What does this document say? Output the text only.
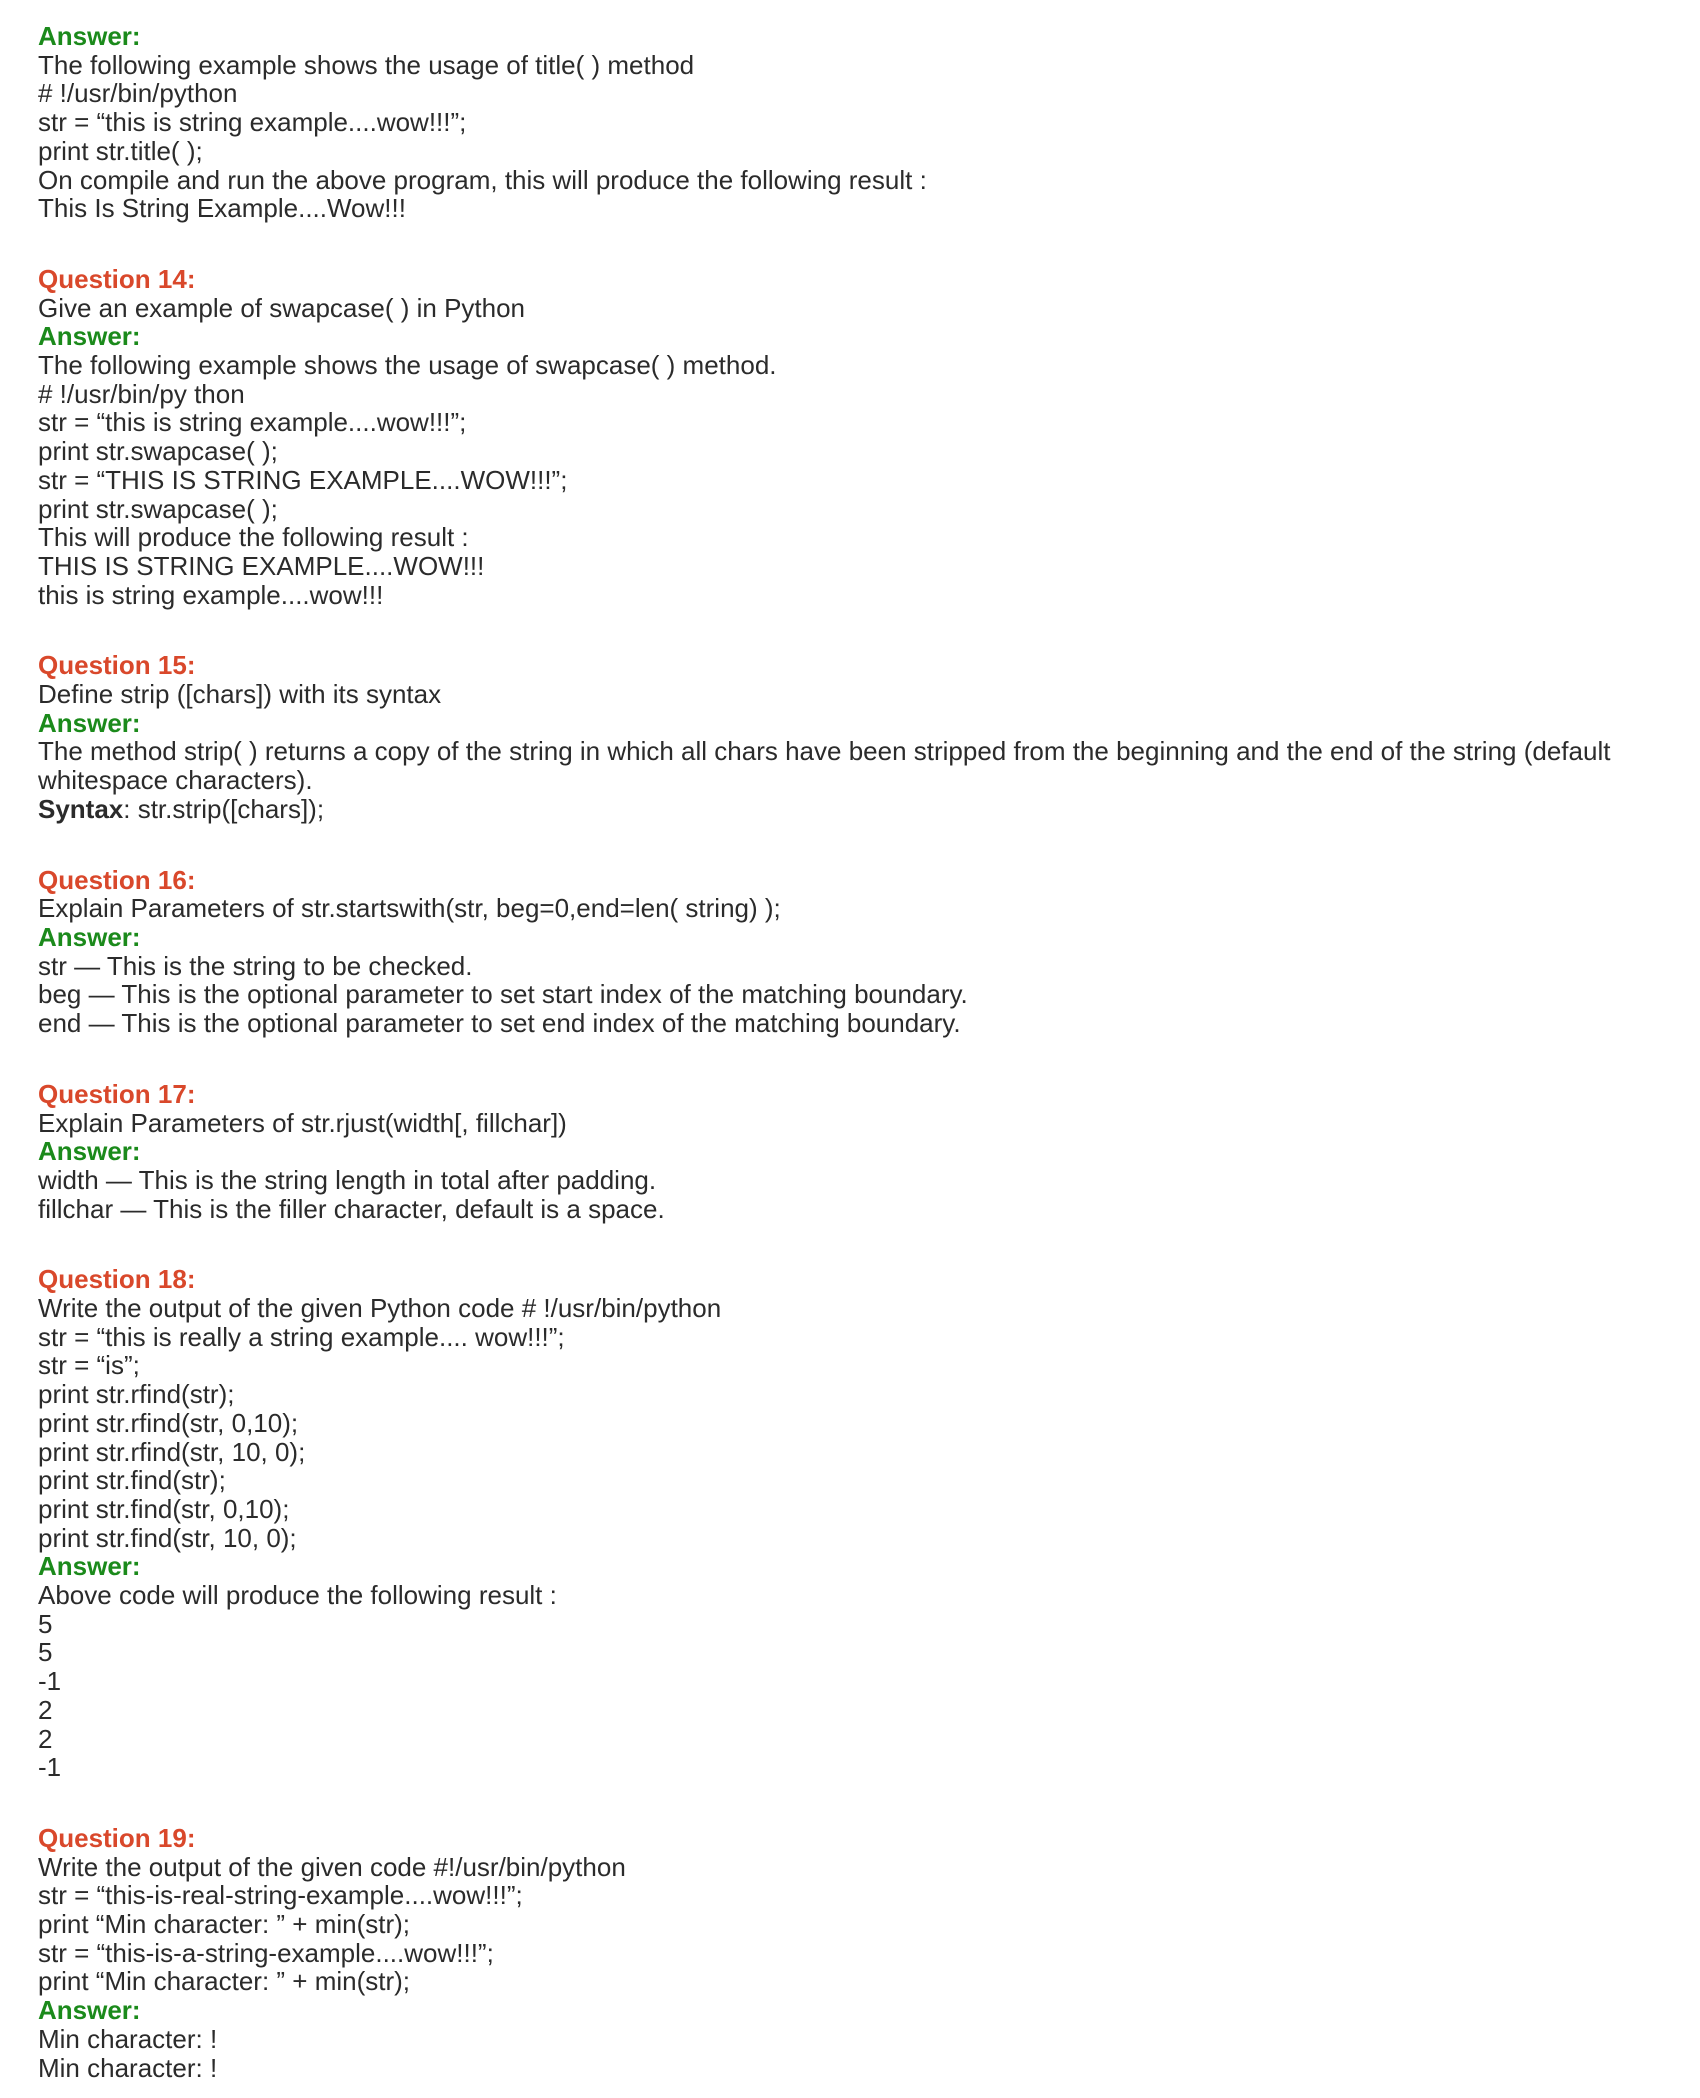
Answer:
The following example shows the usage of title( ) method
# !/usr/bin/python
str = “this is string example....wow!!!”;
print str.title( );
On compile and run the above program, this will produce the following result :
This Is String Example....Wow!!!
Question 14:
Give an example of swapcase( ) in Python
Answer:
The following example shows the usage of swapcase( ) method.
# !/usr/bin/py thon
str = “this is string example....wow!!!”;
print str.swapcase( );
str = “THIS IS STRING EXAMPLE....WOW!!!”;
print str.swapcase( );
This will produce the following result :
THIS IS STRING EXAMPLE....WOW!!!
this is string example....wow!!!
Question 15:
Define strip ([chars]) with its syntax
Answer:
The method strip( ) returns a copy of the string in which all chars have been stripped from the beginning and the end of the string (default
whitespace characters).
Syntax: str.strip([chars]);
Question 16:
Explain Parameters of str.startswith(str, beg=0,end=len( string) );
Answer:
str — This is the string to be checked.
beg — This is the optional parameter to set start index of the matching boundary.
end — This is the optional parameter to set end index of the matching boundary.
Question 17:
Explain Parameters of str.rjust(width[, fillchar])
Answer:
width — This is the string length in total after padding.
fillchar — This is the filler character, default is a space.
Question 18:
Write the output of the given Python code # !/usr/bin/python
str = “this is really a string example.... wow!!!”;
str = “is”;
print str.rfind(str);
print str.rfind(str, 0,10);
print str.rfind(str, 10, 0);
print str.find(str);
print str.find(str, 0,10);
print str.find(str, 10, 0);
Answer:
Above code will produce the following result :
5
5
-1
2
2
-1
Question 19:
Write the output of the given code #!/usr/bin/python
str = “this-is-real-string-example....wow!!!”;
print “Min character: ” + min(str);
str = “this-is-a-string-example....wow!!!”;
print “Min character: ” + min(str);
Answer:
Min character: !
Min character: !
